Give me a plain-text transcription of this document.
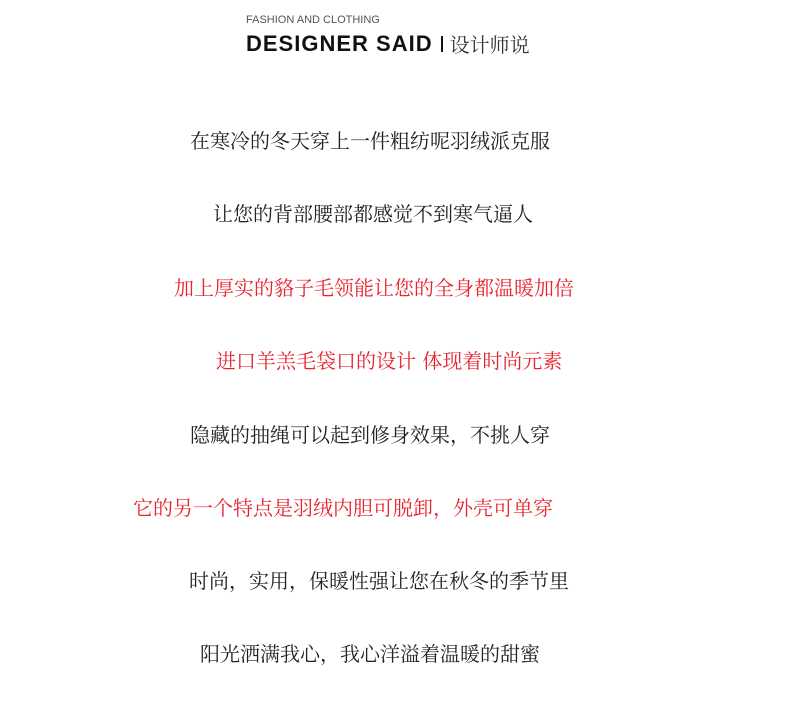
FASHION AND CLOTHING
DESIGNER SAID 设计师说
在寒冷的冬天穿上一件粗纺呢羽绒派克服
让您的背部腰部都感觉不到寒气逼人
加上厚实的貉子毛领能让您的全身都温暖加倍
进口羊羔毛袋口的设计 体现着时尚元素
隐藏的抽绳可以起到修身效果，不挑人穿
它的另一个特点是羽绒内胆可脱卸，外壳可单穿
时尚，实用，保暖性强让您在秋冬的季节里
阳光洒满我心，我心洋溢着温暖的甜蜜
